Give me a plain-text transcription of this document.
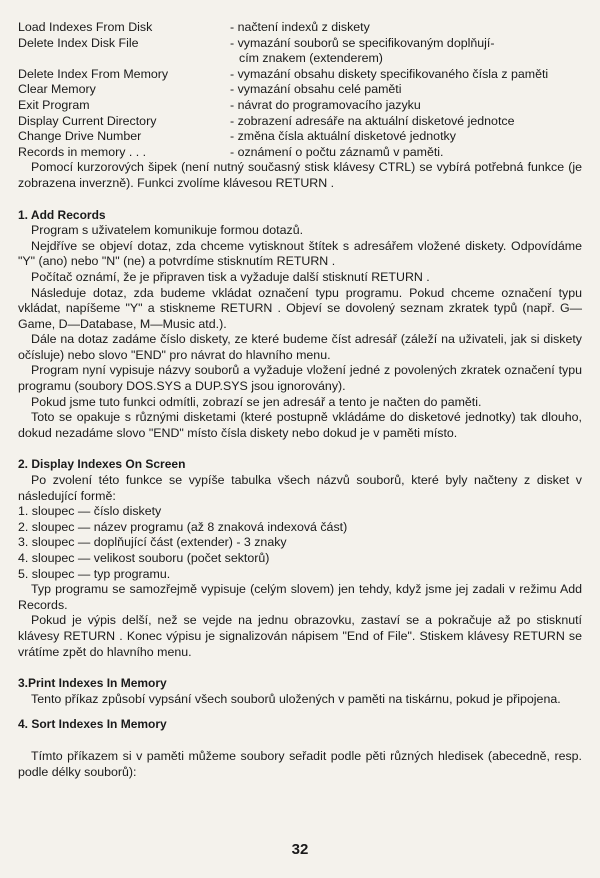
Load Indexes From Disk	- načtení indexů z diskety
Delete Index Disk File	- vymazání souborů se specifikovaným doplňují-
cím znakem (extenderem)
Delete Index From Memory	- vymazání obsahu diskety specifikovaného čísla z paměti
Clear Memory	- vymazání obsahu celé paměti
Exit Program	- návrat do programovacího jazyku
Display Current Directory	- zobrazení adresáře na aktuální disketové jednotce
Change Drive Number	- změna čísla aktuální disketové jednotky
Records in memory . . .	- oznámení o počtu záznamů v paměti.

Pomocí kurzorových šipek (není nutný současný stisk klávesy CTRL) se vybírá potřebná funkce (je zobrazena inverzně). Funkci zvolíme klávesou RETURN .

1. Add Records

Program s uživatelem komunikuje formou dotazů.

Nejdříve se objeví dotaz, zda chceme vytisknout štítek s adresářem vložené diskety. Odpovídáme "Y" (ano) nebo "N" (ne) a potvrdíme stisknutím RETURN .

Počítač oznámí, že je připraven tisk a vyžaduje další stisknutí RETURN .

Následuje dotaz, zda budeme vkládat označení typu programu. Pokud chceme označení typu vkládat, napíšeme "Y" a stiskneme RETURN . Objeví se dovolený seznam zkratek typů (např. G—Game, D—Database, M—Music atd.).

Dále na dotaz zadáme číslo diskety, ze které budeme číst adresář (záleží na uživateli, jak si diskety očísluje) nebo slovo "END" pro návrat do hlavního menu.

Program nyní vypisuje názvy souborů a vyžaduje vložení jedné z povolených zkratek označení typu programu (soubory DOS.SYS a DUP.SYS jsou ignorovány).

Pokud jsme tuto funkci odmítli, zobrazí se jen adresář a tento je načten do paměti.

Toto se opakuje s různými disketami (které postupně vkládáme do disketové jednotky) tak dlouho, dokud nezadáme slovo "END" místo čísla diskety nebo dokud je v paměti místo.

2. Display Indexes On Screen

Po zvolení této funkce se vypíše tabulka všech názvů souborů, které byly načteny z disket v následující formě:

1. sloupec — číslo diskety
2. sloupec — název programu (až 8 znaková indexová část)
3. sloupec — doplňující část (extender) - 3 znaky
4. sloupec — velikost souboru (počet sektorů)
5. sloupec — typ programu.

Typ programu se samozřejmě vypisuje (celým slovem) jen tehdy, když jsme jej zadali v režimu Add Records.

Pokud je výpis delší, než se vejde na jednu obrazovku, zastaví se a pokračuje až po stisknutí klávesy RETURN . Konec výpisu je signalizován nápisem "End of File". Stiskem klávesy RETURN se vrátíme zpět do hlavního menu.

3.Print Indexes In Memory

Tento příkaz způsobí vypsání všech souborů uložených v paměti na tiskárnu, pokud je připojena.

4. Sort Indexes In Memory

Tímto příkazem si v paměti můžeme soubory seřadit podle pěti různých hledisek (abecedně, resp. podle délky souborů):

32
